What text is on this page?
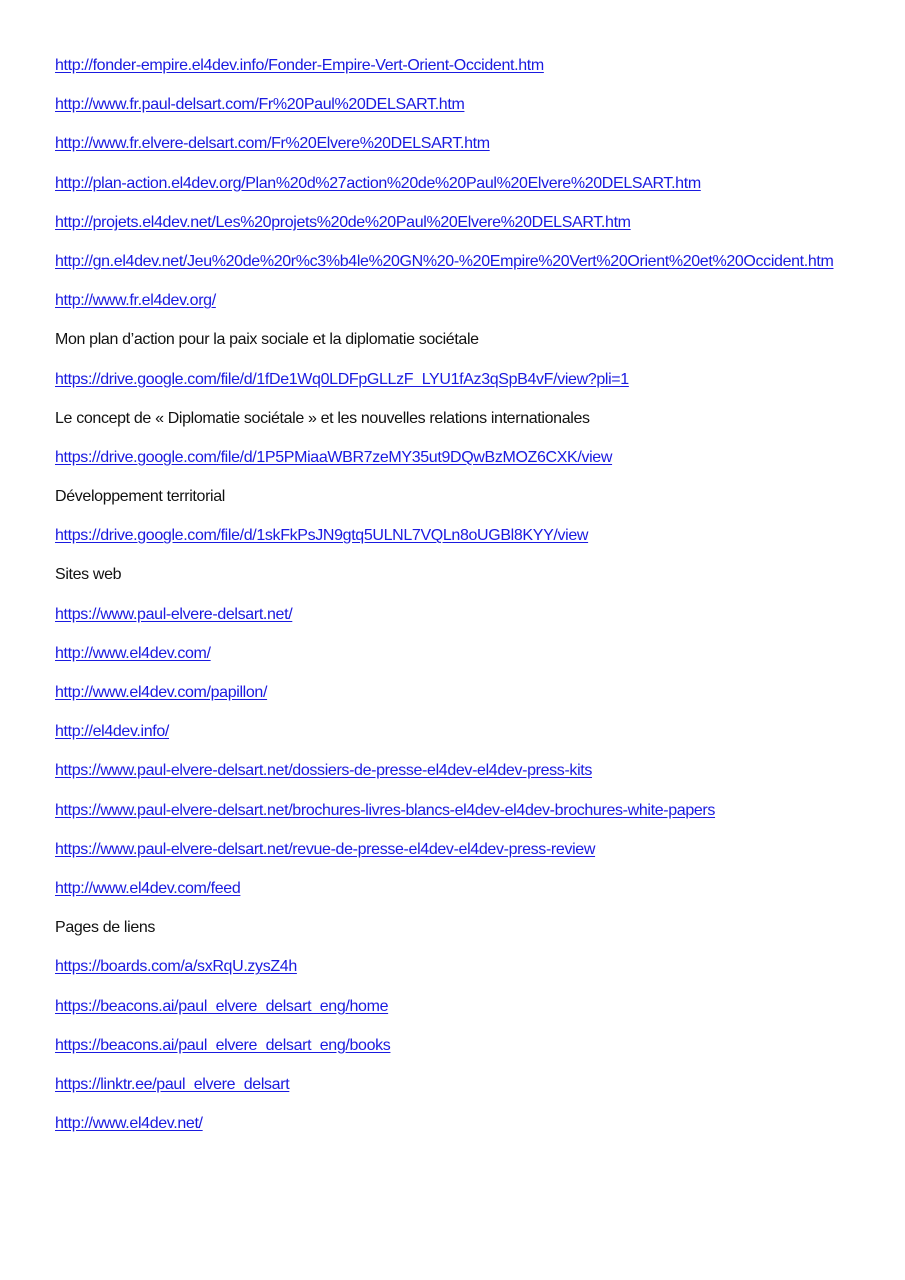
http://fonder-empire.el4dev.info/Fonder-Empire-Vert-Orient-Occident.htm
http://www.fr.paul-delsart.com/Fr%20Paul%20DELSART.htm
http://www.fr.elvere-delsart.com/Fr%20Elvere%20DELSART.htm
http://plan-action.el4dev.org/Plan%20d%27action%20de%20Paul%20Elvere%20DELSART.htm
http://projets.el4dev.net/Les%20projets%20de%20Paul%20Elvere%20DELSART.htm
http://gn.el4dev.net/Jeu%20de%20r%c3%b4le%20GN%20-%20Empire%20Vert%20Orient%20et%20Occident.htm
http://www.fr.el4dev.org/
Mon plan d’action pour la paix sociale et la diplomatie sociétale
https://drive.google.com/file/d/1fDe1Wq0LDFpGLLzF_LYU1fAz3qSpB4vF/view?pli=1
Le concept de « Diplomatie sociétale » et les nouvelles relations internationales
https://drive.google.com/file/d/1P5PMiaaWBR7zeMY35ut9DQwBzMOZ6CXK/view
Développement territorial
https://drive.google.com/file/d/1skFkPsJN9gtq5ULNL7VQLn8oUGBl8KYY/view
Sites web
https://www.paul-elvere-delsart.net/
http://www.el4dev.com/
http://www.el4dev.com/papillon/
http://el4dev.info/
https://www.paul-elvere-delsart.net/dossiers-de-presse-el4dev-el4dev-press-kits
https://www.paul-elvere-delsart.net/brochures-livres-blancs-el4dev-el4dev-brochures-white-papers
https://www.paul-elvere-delsart.net/revue-de-presse-el4dev-el4dev-press-review
http://www.el4dev.com/feed
Pages de liens
https://boards.com/a/sxRqU.zysZ4h
https://beacons.ai/paul_elvere_delsart_eng/home
https://beacons.ai/paul_elvere_delsart_eng/books
https://linktr.ee/paul_elvere_delsart
http://www.el4dev.net/
